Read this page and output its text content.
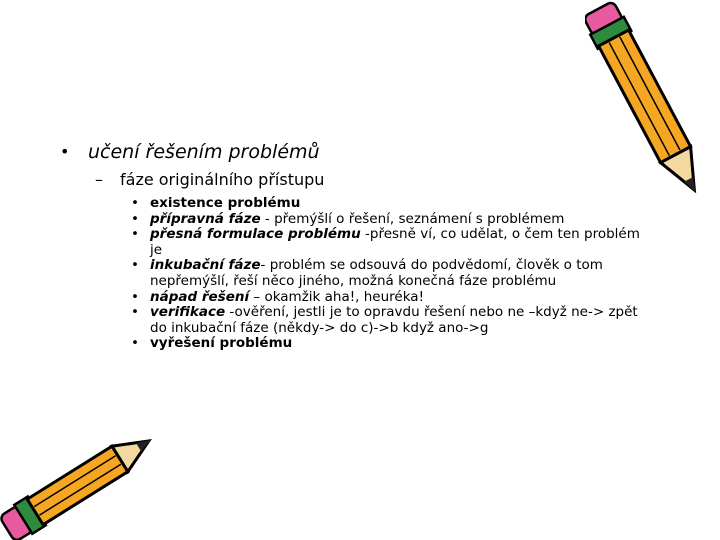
• učení řešením problémů
– fáze originálního přístupu
• existence problému
• přípravná fáze - přemýšlí o řešení, seznámení s problémem
• přesná formulace problému -přesně ví, co udělat, o čem ten problém je
• inkubační fáze- problém se odsouvá do podvědomí, člověk o tom nepřemýšlí, řeší něco jiného, možná konečná fáze problému
• nápad řešení – okamžik aha!, heuréka!
• verifikace -ověření, jestli je to opravdu řešení nebo ne –když ne-> zpět do inkubační fáze (někdy-> do c)->b když ano->g
• vyřešení problému
